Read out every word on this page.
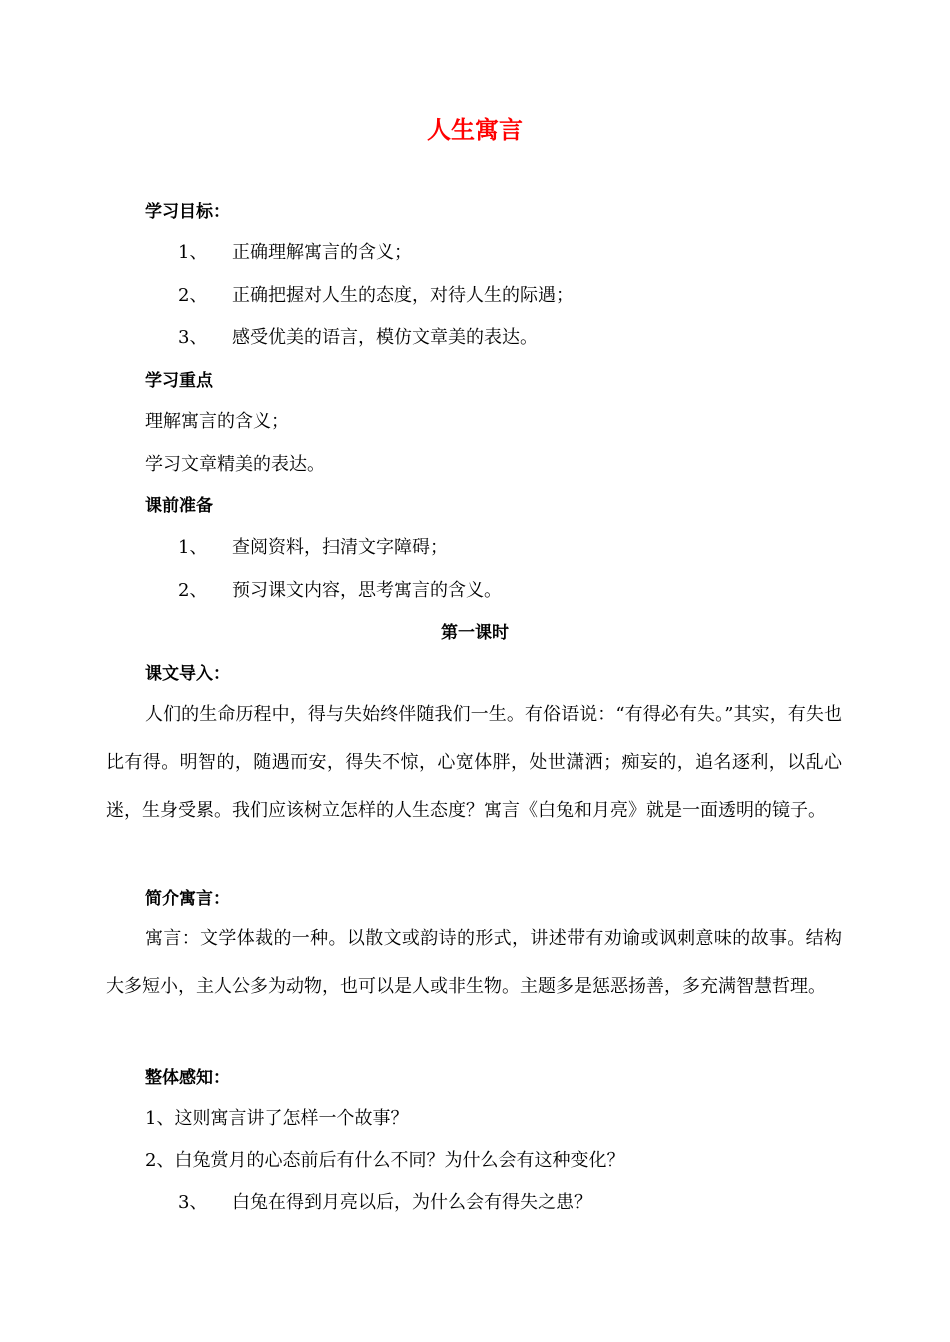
人生寓言
学习目标：
1、 正确理解寓言的含义；
2、 正确把握对人生的态度，对待人生的际遇；
3、 感受优美的语言，模仿文章美的表达。
学习重点
理解寓言的含义；
学习文章精美的表达。
课前准备
1、 查阅资料，扫清文字障碍；
2、 预习课文内容，思考寓言的含义。
第一课时
课文导入：

人们的生命历程中，得与失始终伴随我们一生。有俗语说：“有得必有失。”其实，有失也比有得。明智的，随遇而安，得失不惊，心宽体胖，处世潇洒；痴妄的，追名逐利，以乱心迷，生身受累。我们应该树立怎样的人生态度？寓言《白兔和月亮》就是一面透明的镜子。

简介寓言：

寓言：文学体裁的一种。以散文或韵诗的形式，讲述带有劝谕或讽刺意味的故事。结构大多短小，主人公多为动物，也可以是人或非生物。主题多是惩恶扬善，多充满智慧哲理。

整体感知：
1、这则寓言讲了怎样一个故事？
2、白兔赏月的心态前后有什么不同？为什么会有这种变化？
3、 白兔在得到月亮以后，为什么会有得失之患？
